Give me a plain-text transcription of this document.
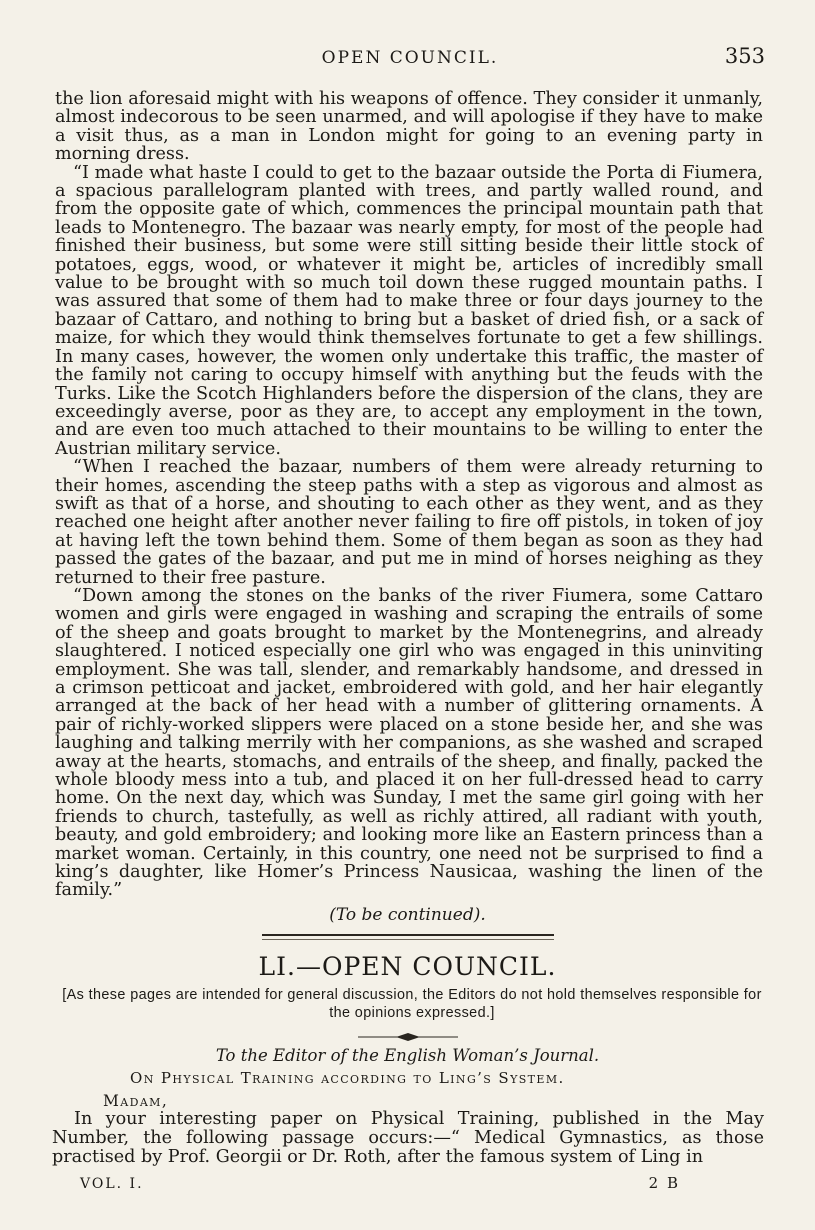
OPEN COUNCIL.	353

the lion aforesaid might with his weapons of offence. They consider it unmanly, almost indecorous to be seen unarmed, and will apologise if they have to make a visit thus, as a man in London might for going to an evening party in morning dress.

“I made what haste I could to get to the bazaar outside the Porta di Fiumera, a spacious parallelogram planted with trees, and partly walled round, and from the opposite gate of which, commences the principal mountain path that leads to Montenegro. The bazaar was nearly empty, for most of the people had finished their business, but some were still sitting beside their little stock of potatoes, eggs, wood, or whatever it might be, articles of incredibly small value to be brought with so much toil down these rugged mountain paths. I was assured that some of them had to make three or four days journey to the bazaar of Cattaro, and nothing to bring but a basket of dried fish, or a sack of maize, for which they would think themselves fortunate to get a few shillings. In many cases, however, the women only undertake this traffic, the master of the family not caring to occupy himself with anything but the feuds with the Turks. Like the Scotch Highlanders before the dispersion of the clans, they are exceedingly averse, poor as they are, to accept any employment in the town, and are even too much attached to their mountains to be willing to enter the Austrian military service.

“When I reached the bazaar, numbers of them were already returning to their homes, ascending the steep paths with a step as vigorous and almost as swift as that of a horse, and shouting to each other as they went, and as they reached one height after another never failing to fire off pistols, in token of joy at having left the town behind them. Some of them began as soon as they had passed the gates of the bazaar, and put me in mind of horses neighing as they returned to their free pasture.

“Down among the stones on the banks of the river Fiumera, some Cattaro women and girls were engaged in washing and scraping the entrails of some of the sheep and goats brought to market by the Montenegrins, and already slaughtered. I noticed especially one girl who was engaged in this uninviting employment. She was tall, slender, and remarkably handsome, and dressed in a crimson petticoat and jacket, embroidered with gold, and her hair elegantly arranged at the back of her head with a number of glittering ornaments. A pair of richly-worked slippers were placed on a stone beside her, and she was laughing and talking merrily with her companions, as she washed and scraped away at the hearts, stomachs, and entrails of the sheep, and finally, packed the whole bloody mess into a tub, and placed it on her full-dressed head to carry home. On the next day, which was Sunday, I met the same girl going with her friends to church, tastefully, as well as richly attired, all radiant with youth, beauty, and gold embroidery; and looking more like an Eastern princess than a market woman. Certainly, in this country, one need not be surprised to find a king’s daughter, like Homer’s Princess Nausicaa, washing the linen of the family.”

(To be continued).
LI.—OPEN COUNCIL.
[As these pages are intended for general discussion, the Editors do not hold themselves responsible for the opinions expressed.]
To the Editor of the English Woman’s Journal.
On Physical Training according to Ling’s System.
Madam,

In your interesting paper on Physical Training, published in the May Number, the following passage occurs:—“ Medical Gymnastics, as those practised by Prof. Georgii or Dr. Roth, after the famous system of Ling in

VOL. I.	2 B
